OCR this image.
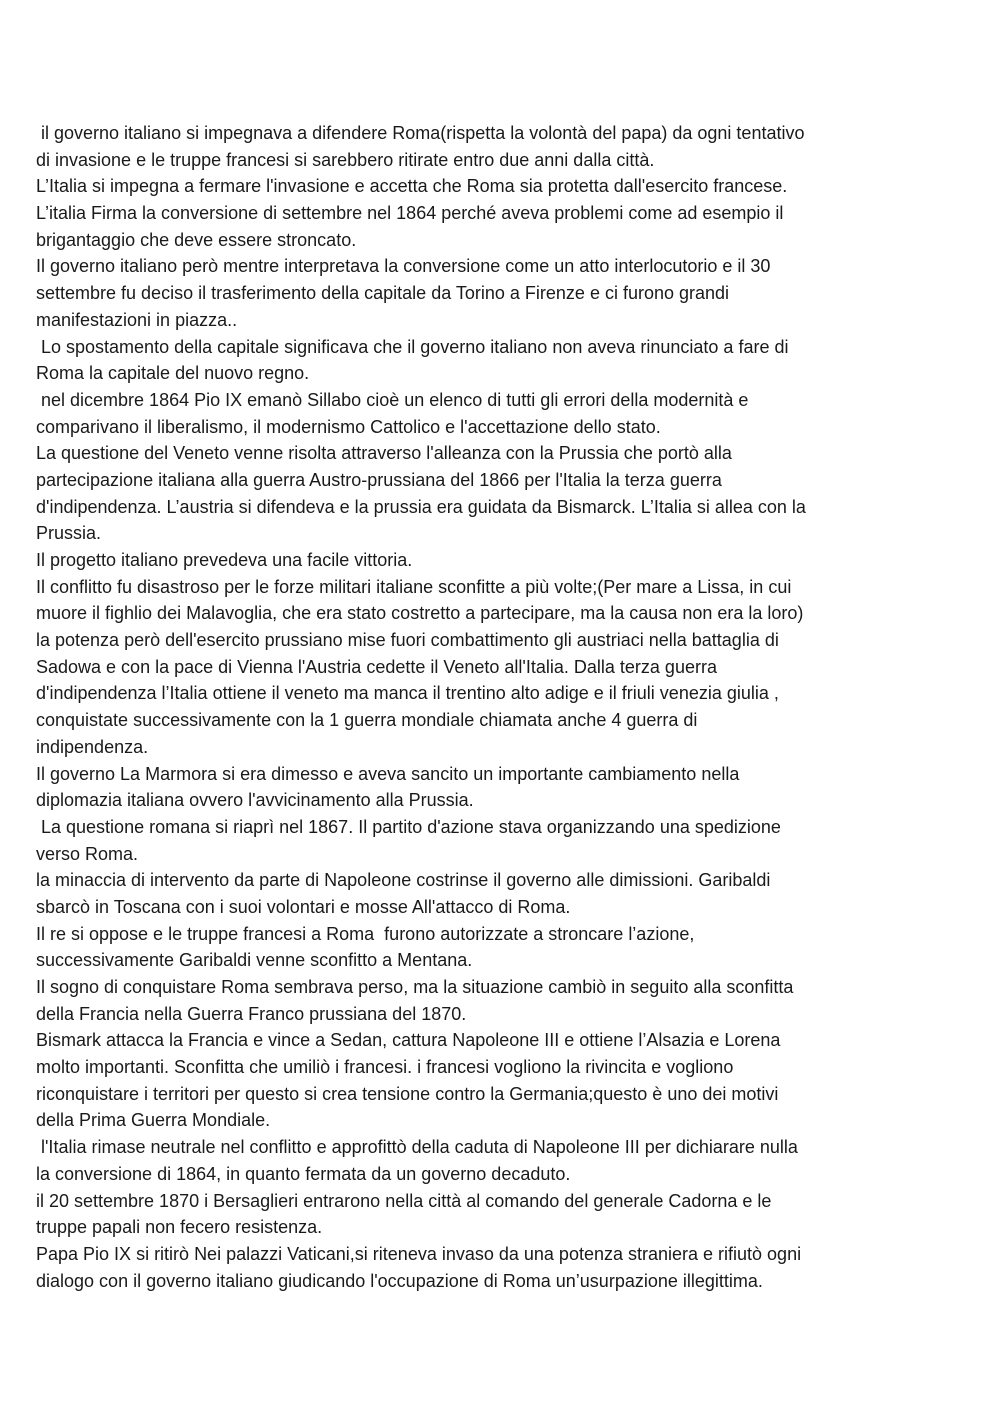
il governo italiano si impegnava a difendere Roma(rispetta la volontà del papa) da ogni tentativo

di invasione e le truppe francesi si sarebbero ritirate entro due anni dalla città.

L’Italia si impegna a fermare l'invasione e accetta che Roma sia protetta dall'esercito francese.

L’italia Firma la conversione di settembre nel 1864 perché aveva problemi come ad esempio il

brigantaggio che deve essere stroncato.

Il governo italiano però mentre interpretava la conversione come un atto interlocutorio e il 30

settembre fu deciso il trasferimento della capitale da Torino a Firenze e ci furono grandi

manifestazioni in piazza..

Lo spostamento della capitale significava che il governo italiano non aveva rinunciato a fare di

Roma la capitale del nuovo regno.

nel dicembre 1864 Pio IX emanò Sillabo cioè un elenco di tutti gli errori della modernità e

comparivano il liberalismo, il modernismo Cattolico e l'accettazione dello stato.

La questione del Veneto venne risolta attraverso l'alleanza con la Prussia che portò alla

partecipazione italiana alla guerra Austro-prussiana del 1866 per l'Italia la terza guerra

d'indipendenza. L’austria si difendeva e la prussia era guidata da Bismarck. L’Italia si allea con la

Prussia.

Il progetto italiano prevedeva una facile vittoria.

Il conflitto fu disastroso per le forze militari italiane sconfitte a più volte;(Per mare a Lissa, in cui

muore il fighlio dei Malavoglia, che era stato costretto a partecipare, ma la causa non era la loro)

la potenza però dell'esercito prussiano mise fuori combattimento gli austriaci nella battaglia di

Sadowa e con la pace di Vienna l'Austria cedette il Veneto all'Italia. Dalla terza guerra

d'indipendenza l’Italia ottiene il veneto ma manca il trentino alto adige e il friuli venezia giulia ,

conquistate successivamente con la 1 guerra mondiale chiamata anche 4 guerra di

indipendenza.

Il governo La Marmora si era dimesso e aveva sancito un importante cambiamento nella

diplomazia italiana ovvero l'avvicinamento alla Prussia.

La questione romana si riaprì nel 1867. Il partito d'azione stava organizzando una spedizione

verso Roma.

la minaccia di intervento da parte di Napoleone costrinse il governo alle dimissioni. Garibaldi

sbarcò in Toscana con i suoi volontari e mosse All'attacco di Roma.

Il re si oppose e le truppe francesi a Roma  furono autorizzate a stroncare l’azione,

successivamente Garibaldi venne sconfitto a Mentana.

Il sogno di conquistare Roma sembrava perso, ma la situazione cambiò in seguito alla sconfitta

della Francia nella Guerra Franco prussiana del 1870.

Bismark attacca la Francia e vince a Sedan, cattura Napoleone III e ottiene l’Alsazia e Lorena

molto importanti. Sconfitta che umiliò i francesi. i francesi vogliono la rivincita e vogliono

riconquistare i territori per questo si crea tensione contro la Germania;questo è uno dei motivi

della Prima Guerra Mondiale.

l'Italia rimase neutrale nel conflitto e approfittò della caduta di Napoleone III per dichiarare nulla

la conversione di 1864, in quanto fermata da un governo decaduto.

il 20 settembre 1870 i Bersaglieri entrarono nella città al comando del generale Cadorna e le

truppe papali non fecero resistenza.

Papa Pio IX si ritirò Nei palazzi Vaticani,si riteneva invaso da una potenza straniera e rifiutò ogni

dialogo con il governo italiano giudicando l'occupazione di Roma un’usurpazione illegittima.
